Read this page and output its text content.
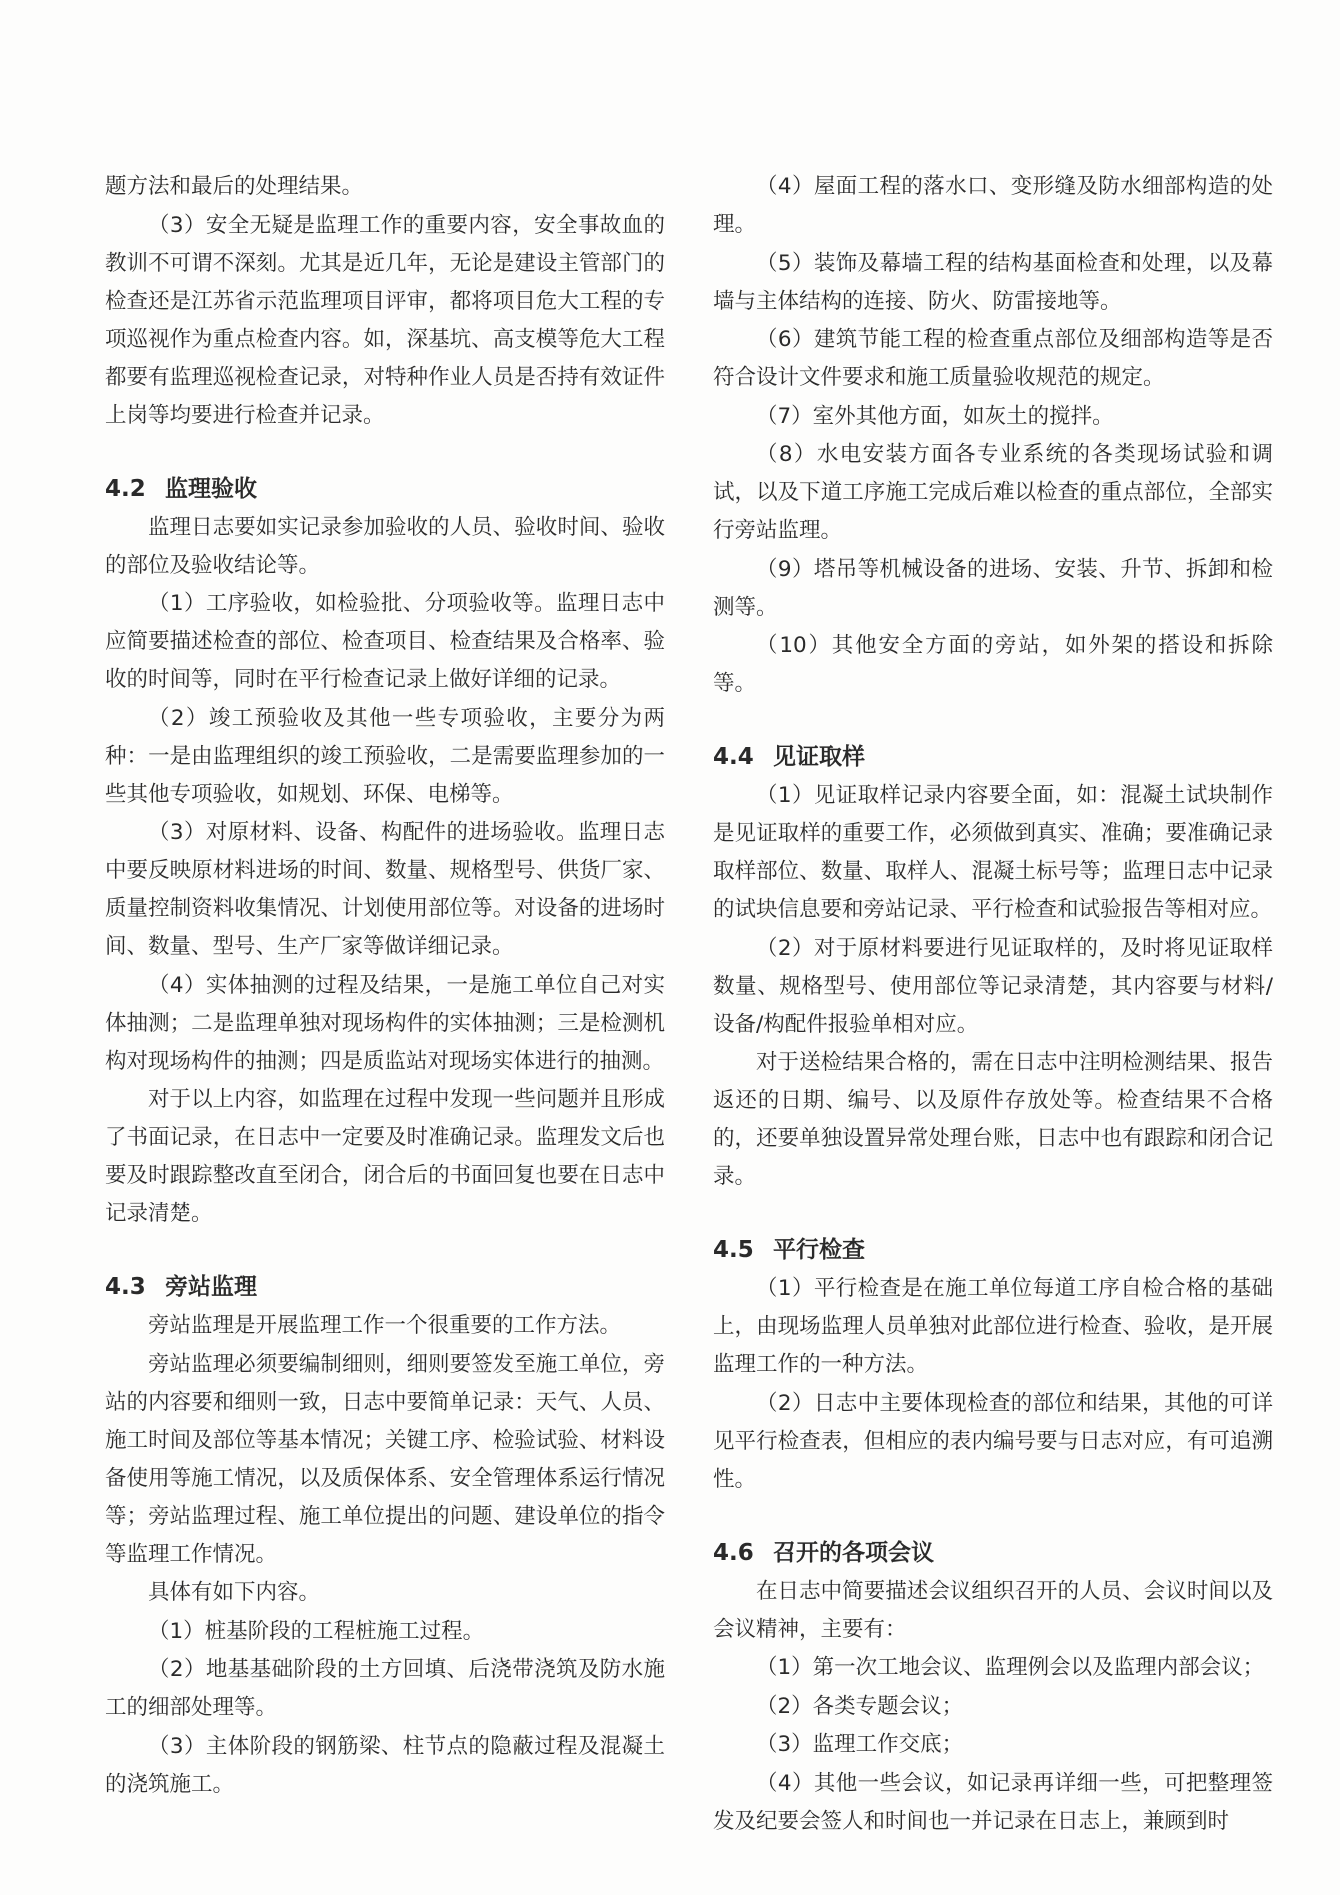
题方法和最后的处理结果。

（3）安全无疑是监理工作的重要内容，安全事故血的教训不可谓不深刻。尤其是近几年，无论是建设主管部门的检查还是江苏省示范监理项目评审，都将项目危大工程的专项巡视作为重点检查内容。如，深基坑、高支模等危大工程都要有监理巡视检查记录，对特种作业人员是否持有效证件上岗等均要进行检查并记录。

4.2 监理验收

监理日志要如实记录参加验收的人员、验收时间、验收的部位及验收结论等。

（1）工序验收，如检验批、分项验收等。监理日志中应简要描述检查的部位、检查项目、检查结果及合格率、验收的时间等，同时在平行检查记录上做好详细的记录。

（2）竣工预验收及其他一些专项验收，主要分为两种：一是由监理组织的竣工预验收，二是需要监理参加的一些其他专项验收，如规划、环保、电梯等。

（3）对原材料、设备、构配件的进场验收。监理日志中要反映原材料进场的时间、数量、规格型号、供货厂家、质量控制资料收集情况、计划使用部位等。对设备的进场时间、数量、型号、生产厂家等做详细记录。

（4）实体抽测的过程及结果，一是施工单位自己对实体抽测；二是监理单独对现场构件的实体抽测；三是检测机构对现场构件的抽测；四是质监站对现场实体进行的抽测。

对于以上内容，如监理在过程中发现一些问题并且形成了书面记录，在日志中一定要及时准确记录。监理发文后也要及时跟踪整改直至闭合，闭合后的书面回复也要在日志中记录清楚。

4.3 旁站监理

旁站监理是开展监理工作一个很重要的工作方法。

旁站监理必须要编制细则，细则要签发至施工单位，旁站的内容要和细则一致，日志中要简单记录：天气、人员、施工时间及部位等基本情况；关键工序、检验试验、材料设备使用等施工情况，以及质保体系、安全管理体系运行情况等；旁站监理过程、施工单位提出的问题、建设单位的指令等监理工作情况。

具体有如下内容。

（1）桩基阶段的工程桩施工过程。

（2）地基基础阶段的土方回填、后浇带浇筑及防水施工的细部处理等。

（3）主体阶段的钢筋梁、柱节点的隐蔽过程及混凝土的浇筑施工。

（4）屋面工程的落水口、变形缝及防水细部构造的处理。

（5）装饰及幕墙工程的结构基面检查和处理，以及幕墙与主体结构的连接、防火、防雷接地等。

（6）建筑节能工程的检查重点部位及细部构造等是否符合设计文件要求和施工质量验收规范的规定。

（7）室外其他方面，如灰土的搅拌。

（8）水电安装方面各专业系统的各类现场试验和调试，以及下道工序施工完成后难以检查的重点部位，全部实行旁站监理。

（9）塔吊等机械设备的进场、安装、升节、拆卸和检测等。

（10）其他安全方面的旁站，如外架的搭设和拆除等。

4.4 见证取样

（1）见证取样记录内容要全面，如：混凝土试块制作是见证取样的重要工作，必须做到真实、准确；要准确记录取样部位、数量、取样人、混凝土标号等；监理日志中记录的试块信息要和旁站记录、平行检查和试验报告等相对应。

（2）对于原材料要进行见证取样的，及时将见证取样数量、规格型号、使用部位等记录清楚，其内容要与材料/设备/构配件报验单相对应。

对于送检结果合格的，需在日志中注明检测结果、报告返还的日期、编号、以及原件存放处等。检查结果不合格的，还要单独设置异常处理台账，日志中也有跟踪和闭合记录。

4.5 平行检查

（1）平行检查是在施工单位每道工序自检合格的基础上，由现场监理人员单独对此部位进行检查、验收，是开展监理工作的一种方法。

（2）日志中主要体现检查的部位和结果，其他的可详见平行检查表，但相应的表内编号要与日志对应，有可追溯性。

4.6 召开的各项会议

在日志中简要描述会议组织召开的人员、会议时间以及会议精神，主要有：

（1）第一次工地会议、监理例会以及监理内部会议；

（2）各类专题会议；

（3）监理工作交底；

（4）其他一些会议，如记录再详细一些，可把整理签发及纪要会签人和时间也一并记录在日志上，兼顾到时
